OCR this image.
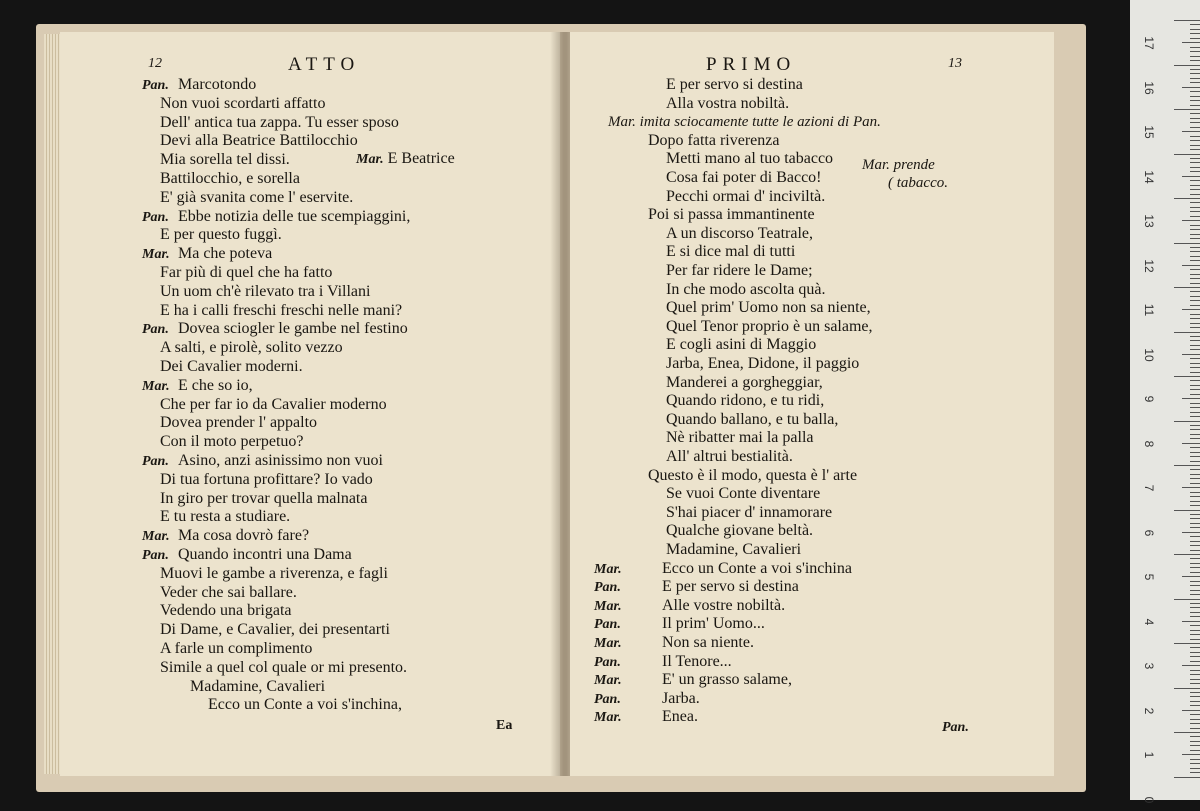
12	ATTO
Pan. Marcotondo
Non vuoi scordarti affatto
Dell' antica tua zappa. Tu esser sposo
Devi alla Beatrice Battilocchio
Mia sorella tel dissi.
Battilocchio, e sorella
E' già svanita come l' eservite.
Pan. Ebbe notizia delle tue scempiaggini,
E per questo fuggì.
Mar. Ma che poteva
Far più di quel che ha fatto
Un uom ch'è rilevato tra i Villani
E ha i calli freschi freschi nelle mani?
Pan. Dovea sciogler le gambe nel festino
A salti, e pirolè, solito vezzo
Dei Cavalier moderni.
Mar. E che so io,
Che per far io da Cavalier moderno
Dovea prender l' appalto
Con il moto perpetuo?
Pan. Asino, anzi asinissimo non vuoi
Di tua fortuna profittare? Io vado
In giro per trovar quella malnata
E tu resta a studiare.
Mar. Ma cosa dovrò fare?
Pan. Quando incontri una Dama
Muovi le gambe a riverenza, e fagli
Veder che sai ballare.
Vedendo una brigata
Di Dame, e Cavalier, dei presentarti
A farle un complimento
Simile a quel col quale or mi presento.
Madamine, Cavalieri
Ecco un Conte a voi s'inchina,
Mar. E Beatrice
Ea
PRIMO	13
E per servo si destina
Alla vostra nobiltà.
Mar. imita sciocamente tutte le azioni di Pan.
Dopo fatta riverenza
Metti mano al tuo tabacco
Cosa fai poter di Bacco!
Pecchi ormai d' inciviltà.
Poi si passa immantinente
A un discorso Teatrale,
E si dice mal di tutti
Per far ridere le Dame;
In che modo ascolta quà.
Quel prim' Uomo non sa niente,
Quel Tenor proprio è un salame,
E cogli asini di Maggio
Jarba, Enea, Didone, il paggio
Manderei a gorgheggiar,
Quando ridono, e tu ridi,
Quando ballano, e tu balla,
Nè ribatter mai la palla
All' altrui bestialità.
Questo è il modo, questa è l' arte
Se vuoi Conte diventare
S'hai piacer d' innamorare
Qualche giovane beltà.
Madamine, Cavalieri
Mar.	Ecco un Conte a voi s'inchina
Pan.	E per servo si destina
Mar.	Alle vostre nobiltà.
Pan.	Il prim' Uomo...
Mar.	Non sa niente.
Pan.	Il Tenore...
Mar.	E' un grasso salame,
Pan.	Jarba.
Mar.	Enea.
Mar. prende
( tabacco.
Pan.
17
16
15
14
13
12
11
10
9
8
7
6
5
4
3
2
1
0
